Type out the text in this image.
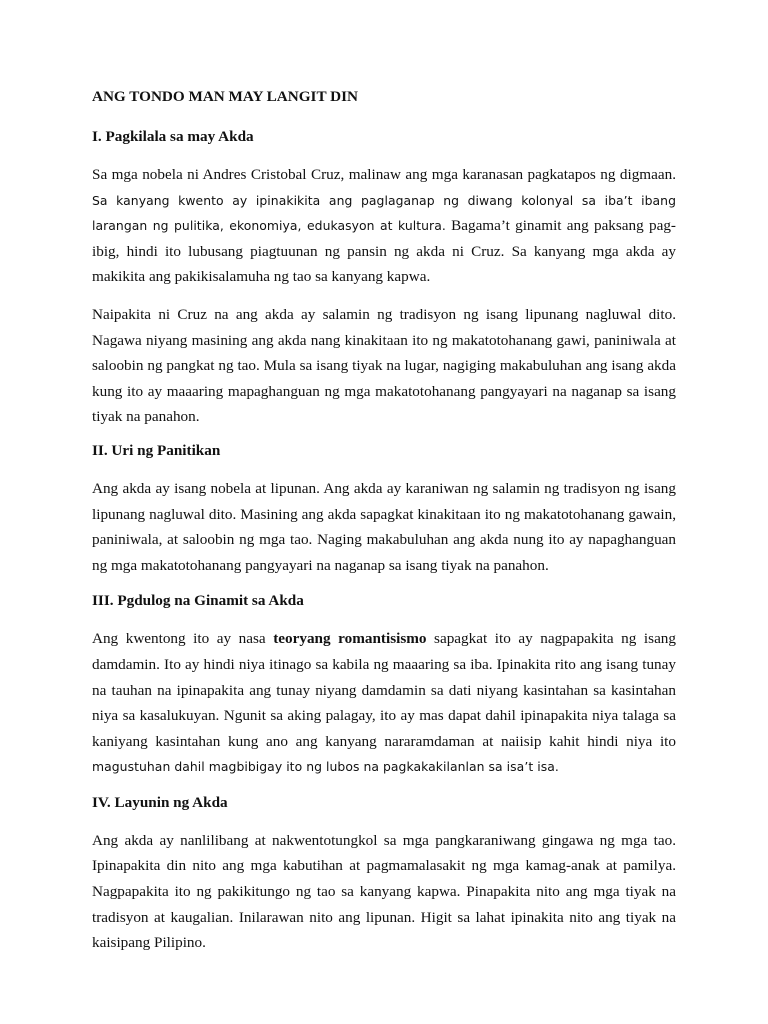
ANG TONDO MAN MAY LANGIT DIN
I. Pagkilala sa may Akda

Sa mga nobela ni Andres Cristobal Cruz, malinaw ang mga karanasan pagkatapos ng digmaan. Sa kanyang kwento ay ipinakikita ang paglaganap ng diwang kolonyal sa iba’t ibang larangan ng pulitika, ekonomiya, edukasyon at kultura. Bagama’t ginamit ang paksang pag-ibig, hindi ito lubusang piagtuunan ng pansin ng akda ni Cruz. Sa kanyang mga akda ay makikita ang pakikisalamuha ng tao sa kanyang kapwa.

Naipakita ni Cruz na ang akda ay salamin ng tradisyon ng isang lipunang nagluwal dito. Nagawa niyang masining ang akda nang kinakitaan ito ng makatotohanang gawi, paniniwala at saloobin ng pangkat ng tao. Mula sa isang tiyak na lugar, nagiging makabuluhan ang isang akda kung ito ay maaaring mapaghanguan ng mga makatotohanang pangyayari na naganap sa isang tiyak na panahon.

II. Uri ng Panitikan

Ang akda ay isang nobela at lipunan. Ang akda ay karaniwan ng salamin ng tradisyon ng isang lipunang nagluwal dito. Masining ang akda sapagkat kinakitaan ito ng makatotohanang gawain, paniniwala, at saloobin ng mga tao. Naging makabuluhan ang akda nung ito ay napaghanguan ng mga makatotohanang pangyayari na naganap sa isang tiyak na panahon.

III. Pgdulog na Ginamit sa Akda

Ang kwentong ito ay nasa teoryang romantisismo sapagkat ito ay nagpapakita ng isang damdamin. Ito ay hindi niya itinago sa kabila ng maaaring sa iba. Ipinakita rito ang isang tunay na tauhan na ipinapakita ang tunay niyang damdamin sa dati niyang kasintahan sa kasintahan niya sa kasalukuyan. Ngunit sa aking palagay, ito ay mas dapat dahil ipinapakita niya talaga sa kaniyang kasintahan kung ano ang kanyang nararamdaman at naiisip kahit hindi niya ito magustuhan dahil magbibigay ito ng lubos na pagkakakilanlan sa isa’t isa.

IV. Layunin ng Akda

Ang akda ay nanlilibang at nakwentotungkol sa mga pangkaraniwang gingawa ng mga tao. Ipinapakita din nito ang mga kabutihan at pagmamalasakit ng mga kamag-anak at pamilya. Nagpapakita ito ng pakikitungo ng tao sa kanyang kapwa. Pinapakita nito ang mga tiyak na tradisyon at kaugalian. Inilarawan nito ang lipunan. Higit sa lahat ipinakita nito ang tiyak na kaisipang Pilipino.
